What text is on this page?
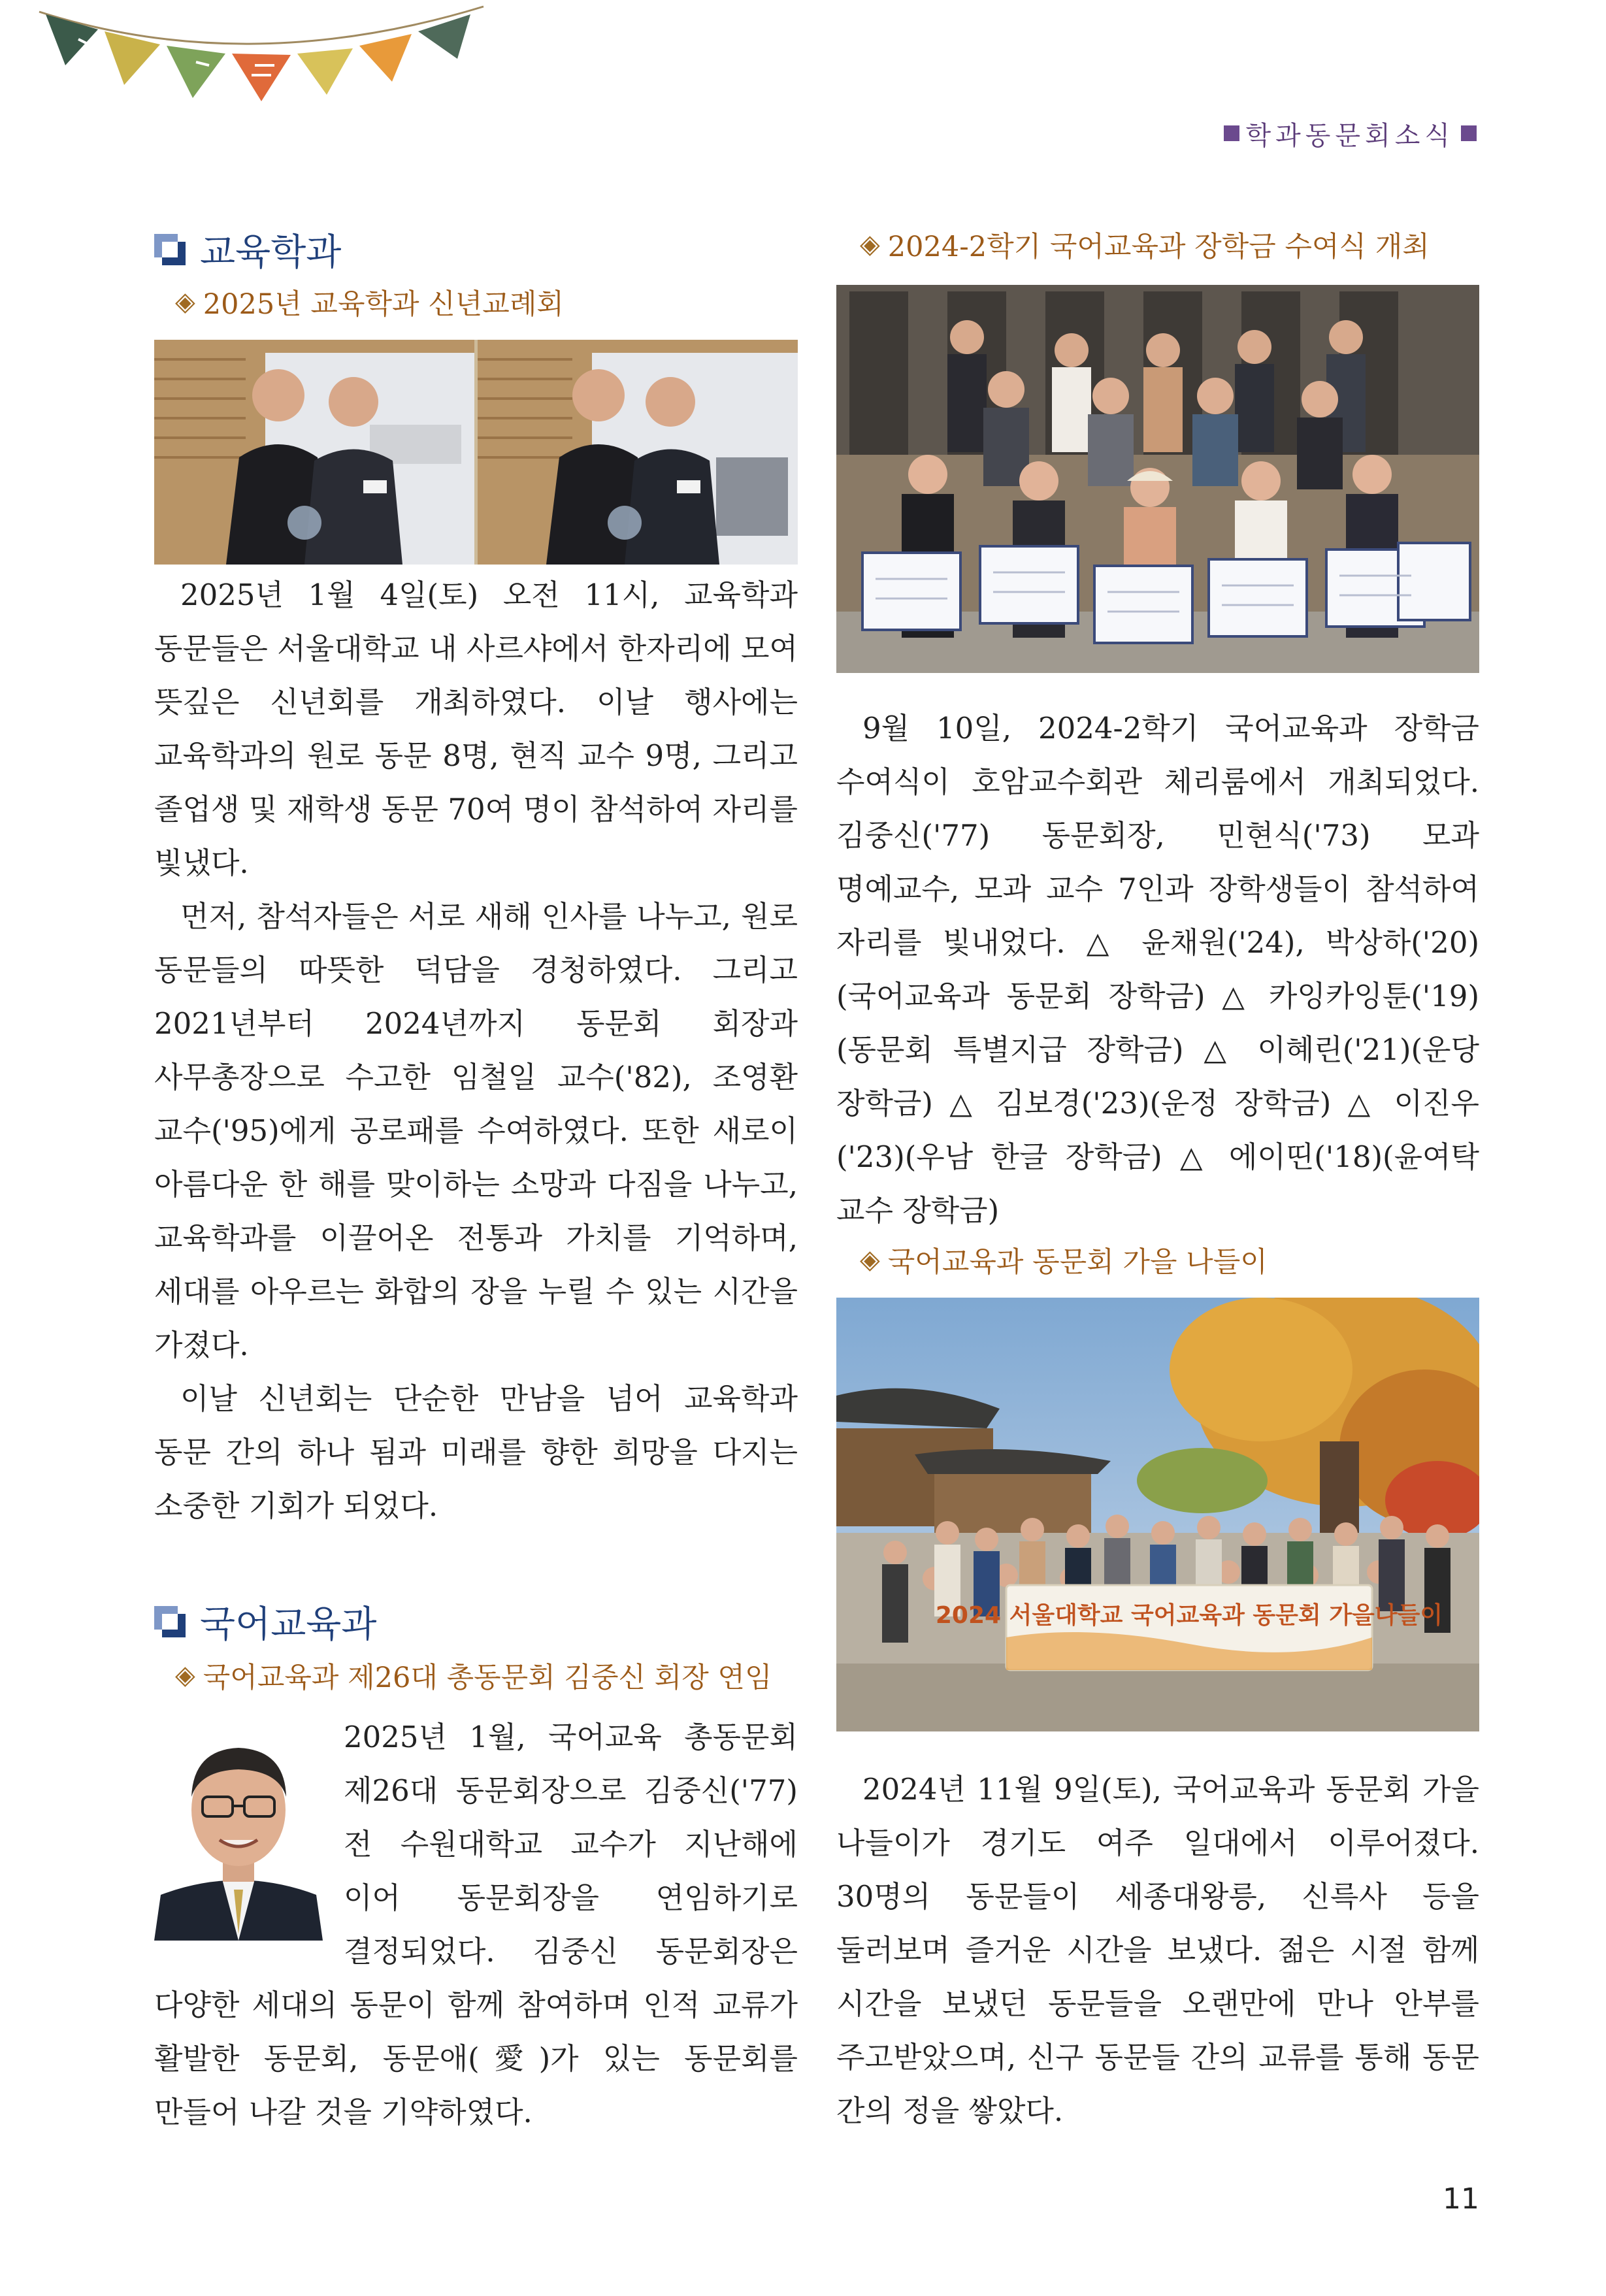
학과동문회소식
교육학과
◈ 2025년 교육학과 신년교례회

2025년 1월 4일(토) 오전 11시, 교육학과 동문들은 서울대학교 내 사르샤에서 한자리에 모여 뜻깊은 신년회를 개최하였다. 이날 행사에는 교육학과의 원로 동문 8명, 현직 교수 9명, 그리고 졸업생 및 재학생 동문 70여 명이 참석하여 자리를 빛냈다.

먼저, 참석자들은 서로 새해 인사를 나누고, 원로 동문들의 따뜻한 덕담을 경청하였다. 그리고 2021년부터 2024년까지 동문회 회장과 사무총장으로 수고한 임철일 교수('82), 조영환 교수('95)에게 공로패를 수여하였다. 또한 새로이 아름다운 한 해를 맞이하는 소망과 다짐을 나누고, 교육학과를 이끌어온 전통과 가치를 기억하며, 세대를 아우르는 화합의 장을 누릴 수 있는 시간을 가졌다.

이날 신년회는 단순한 만남을 넘어 교육학과 동문 간의 하나 됨과 미래를 향한 희망을 다지는 소중한 기회가 되었다.

국어교육과
◈ 국어교육과 제26대 총동문회 김중신 회장 연임

2025년 1월, 국어교육 총동문회 제26대 동문회장으로 김중신('77) 전 수원대학교 교수가 지난해에 이어 동문회장을 연임하기로 결정되었다. 김중신 동문회장은 다양한 세대의 동문이 함께 참여하며 인적 교류가 활발한 동문회, 동문애(愛)가 있는 동문회를 만들어 나갈 것을 기약하였다.

◈ 2024-2학기 국어교육과 장학금 수여식 개최

9월 10일, 2024-2학기 국어교육과 장학금 수여식이 호암교수회관 체리룸에서 개최되었다. 김중신('77) 동문회장, 민현식('73) 모과 명예교수, 모과 교수 7인과 장학생들이 참석하여 자리를 빛내었다. △ 윤채원('24), 박상하('20)(국어교육과 동문회 장학금) △ 카잉카잉툰('19)(동문회 특별지급 장학금) △ 이혜린('21)(운당 장학금) △ 김보경('23)(운정 장학금) △ 이진우('23)(우남 한글 장학금) △ 에이띤('18)(윤여탁 교수 장학금)

◈ 국어교육과 동문회 가을 나들이
2024 서울대학교 국어교육과 동문회 가을나들이

2024년 11월 9일(토), 국어교육과 동문회 가을 나들이가 경기도 여주 일대에서 이루어졌다. 30명의 동문들이 세종대왕릉, 신륵사 등을 둘러보며 즐거운 시간을 보냈다. 젊은 시절 함께 시간을 보냈던 동문들을 오랜만에 만나 안부를 주고받았으며, 신구 동문들 간의 교류를 통해 동문 간의 정을 쌓았다.

11
